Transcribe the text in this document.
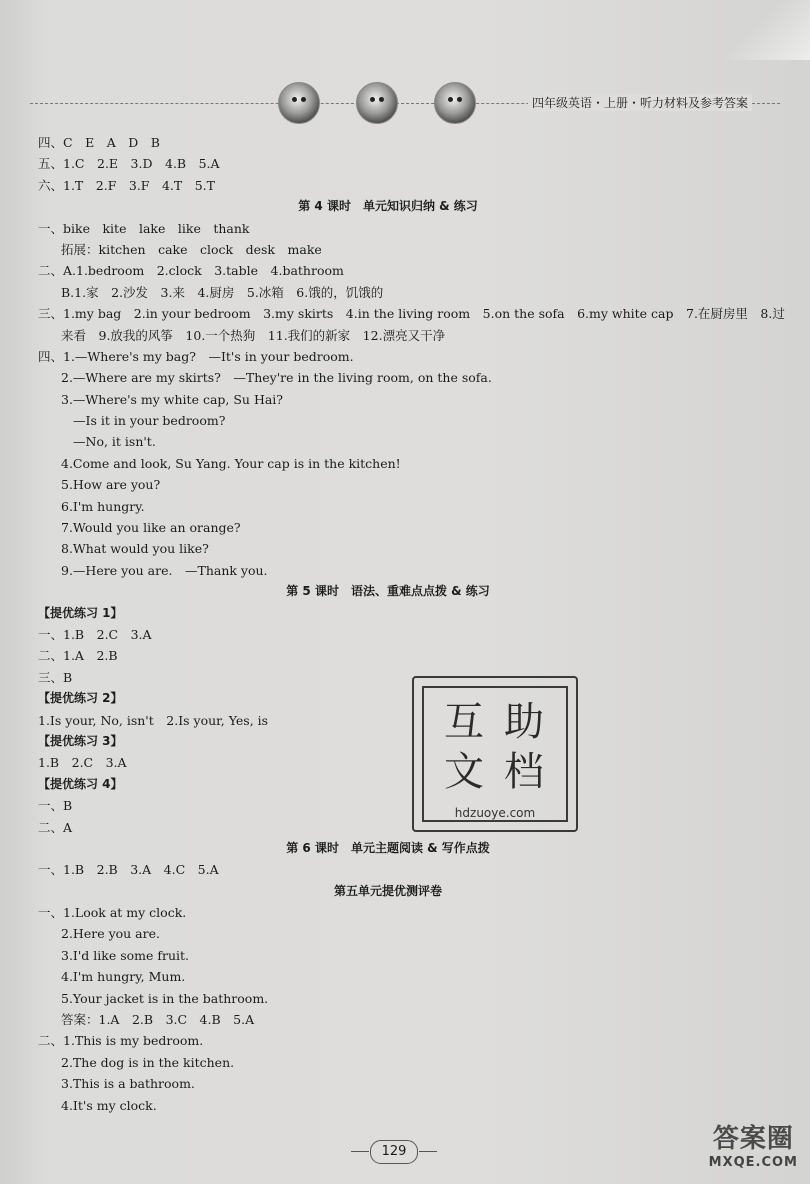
四年级英语・上册・听力材料及参考答案
四、C　E　A　D　B
五、1.C　2.E　3.D　4.B　5.A
六、1.T　2.F　3.F　4.T　5.T
第 4 课时　单元知识归纳 & 练习
一、bike　kite　lake　like　thank
拓展：kitchen　cake　clock　desk　make
二、A.1.bedroom　2.clock　3.table　4.bathroom
B.1.家　2.沙发　3.来　4.厨房　5.冰箱　6.饿的，饥饿的
三、1.my bag　2.in your bedroom　3.my skirts　4.in the living room　5.on the sofa　6.my white cap　7.在厨房里　8.过
来看　9.放我的风筝　10.一个热狗　11.我们的新家　12.漂亮又干净
四、1.—Where's my bag?　—It's in your bedroom.
2.—Where are my skirts?　—They're in the living room, on the sofa.
3.—Where's my white cap, Su Hai?
—Is it in your bedroom?
—No, it isn't.
4.Come and look, Su Yang. Your cap is in the kitchen!
5.How are you?
6.I'm hungry.
7.Would you like an orange?
8.What would you like?
9.—Here you are.　—Thank you.
第 5 课时　语法、重难点点拨 & 练习
【提优练习 1】
一、1.B　2.C　3.A
二、1.A　2.B
三、B
【提优练习 2】
1.Is your, No, isn't　2.Is your, Yes, is
【提优练习 3】
1.B　2.C　3.A
【提优练习 4】
一、B
二、A
第 6 课时　单元主题阅读 & 写作点拨
一、1.B　2.B　3.A　4.C　5.A
第五单元提优测评卷
一、1.Look at my clock.
2.Here you are.
3.I'd like some fruit.
4.I'm hungry, Mum.
5.Your jacket is in the bathroom.
答案：1.A　2.B　3.C　4.B　5.A
二、1.This is my bedroom.
2.The dog is in the kitchen.
3.This is a bathroom.
4.It's my clock.
互 助
文 档
hdzuoye.com
129	答案圈
MXQE.COM
